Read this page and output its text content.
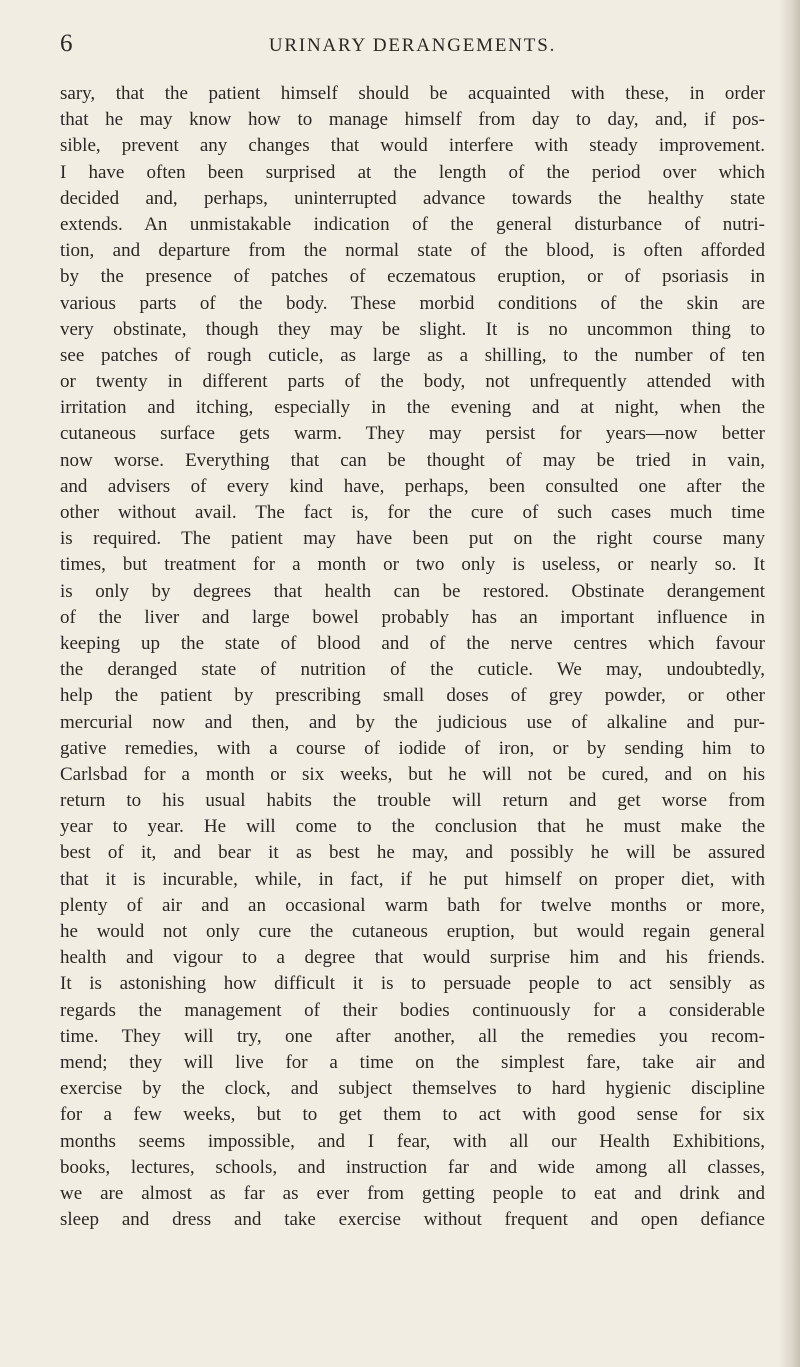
6	URINARY DERANGEMENTS.
sary, that the patient himself should be acquainted with these, in order
that he may know how to manage himself from day to day, and, if pos-
sible, prevent any changes that would interfere with steady improvement.
I have often been surprised at the length of the period over which
decided and, perhaps, uninterrupted advance towards the healthy state
extends. An unmistakable indication of the general disturbance of nutri-
tion, and departure from the normal state of the blood, is often afforded
by the presence of patches of eczematous eruption, or of psoriasis in
various parts of the body. These morbid conditions of the skin are
very obstinate, though they may be slight. It is no uncommon thing to
see patches of rough cuticle, as large as a shilling, to the number of ten
or twenty in different parts of the body, not unfrequently attended with
irritation and itching, especially in the evening and at night, when the
cutaneous surface gets warm. They may persist for years—now better
now worse. Everything that can be thought of may be tried in vain,
and advisers of every kind have, perhaps, been consulted one after the
other without avail. The fact is, for the cure of such cases much time
is required. The patient may have been put on the right course many
times, but treatment for a month or two only is useless, or nearly so. It
is only by degrees that health can be restored. Obstinate derangement
of the liver and large bowel probably has an important influence in
keeping up the state of blood and of the nerve centres which favour
the deranged state of nutrition of the cuticle. We may, undoubtedly,
help the patient by prescribing small doses of grey powder, or other
mercurial now and then, and by the judicious use of alkaline and pur-
gative remedies, with a course of iodide of iron, or by sending him to
Carlsbad for a month or six weeks, but he will not be cured, and on his
return to his usual habits the trouble will return and get worse from
year to year. He will come to the conclusion that he must make the
best of it, and bear it as best he may, and possibly he will be assured
that it is incurable, while, in fact, if he put himself on proper diet, with
plenty of air and an occasional warm bath for twelve months or more,
he would not only cure the cutaneous eruption, but would regain general
health and vigour to a degree that would surprise him and his friends.
It is astonishing how difficult it is to persuade people to act sensibly as
regards the management of their bodies continuously for a considerable
time. They will try, one after another, all the remedies you recom-
mend; they will live for a time on the simplest fare, take air and
exercise by the clock, and subject themselves to hard hygienic discipline
for a few weeks, but to get them to act with good sense for six
months seems impossible, and I fear, with all our Health Exhibitions,
books, lectures, schools, and instruction far and wide among all classes,
we are almost as far as ever from getting people to eat and drink and
sleep and dress and take exercise without frequent and open defiance
